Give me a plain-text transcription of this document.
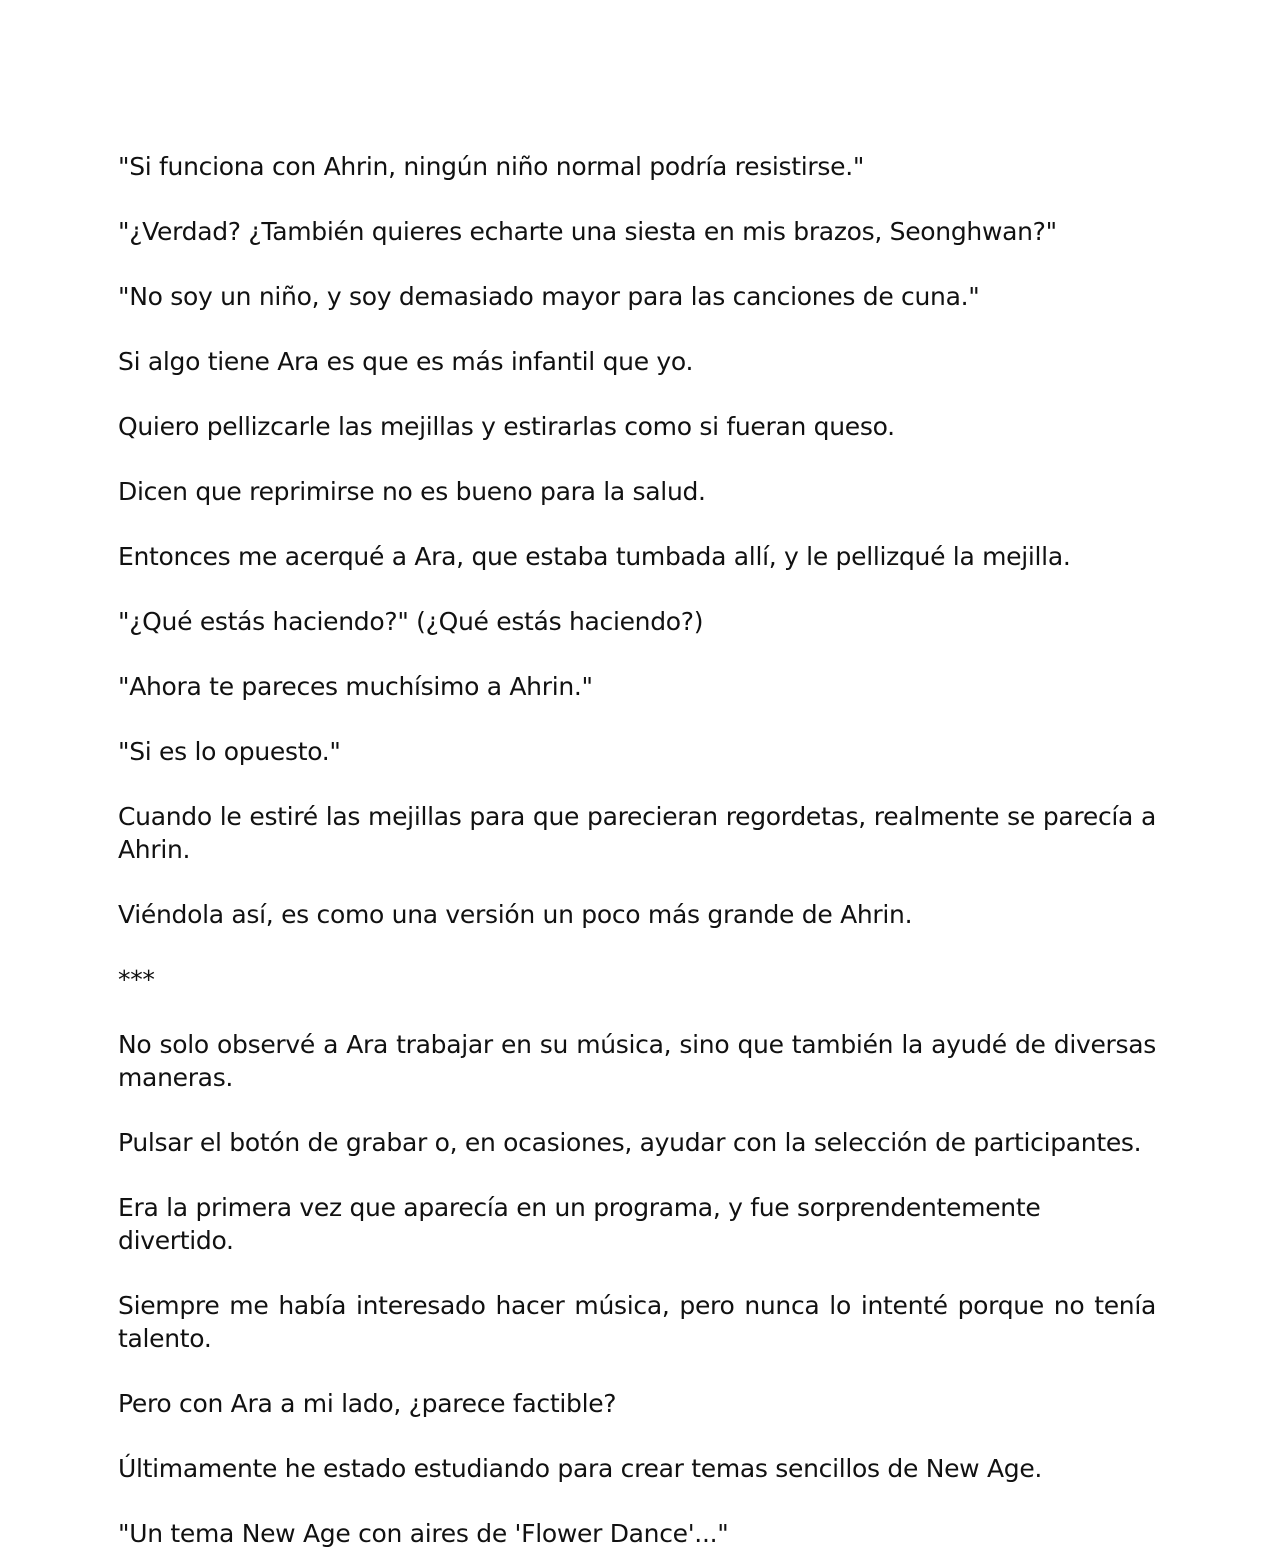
"Si funciona con Ahrin, ningún niño normal podría resistirse."

"¿Verdad? ¿También quieres echarte una siesta en mis brazos, Seonghwan?"

"No soy un niño, y soy demasiado mayor para las canciones de cuna."

Si algo tiene Ara es que es más infantil que yo.

Quiero pellizcarle las mejillas y estirarlas como si fueran queso.

Dicen que reprimirse no es bueno para la salud.

Entonces me acerqué a Ara, que estaba tumbada allí, y le pellizqué la mejilla.

"¿Qué estás haciendo?" (¿Qué estás haciendo?)

"Ahora te pareces muchísimo a Ahrin."

"Si es lo opuesto."

Cuando le estiré las mejillas para que parecieran regordetas, realmente se parecía a Ahrin.

Viéndola así, es como una versión un poco más grande de Ahrin.

***

No solo observé a Ara trabajar en su música, sino que también la ayudé de diversas maneras.

Pulsar el botón de grabar o, en ocasiones, ayudar con la selección de participantes.

Era la primera vez que aparecía en un programa, y fue sorprendentemente divertido.

Siempre me había interesado hacer música, pero nunca lo intenté porque no tenía talento.

Pero con Ara a mi lado, ¿parece factible?

Últimamente he estado estudiando para crear temas sencillos de New Age.

"Un tema New Age con aires de 'Flower Dance'..."
